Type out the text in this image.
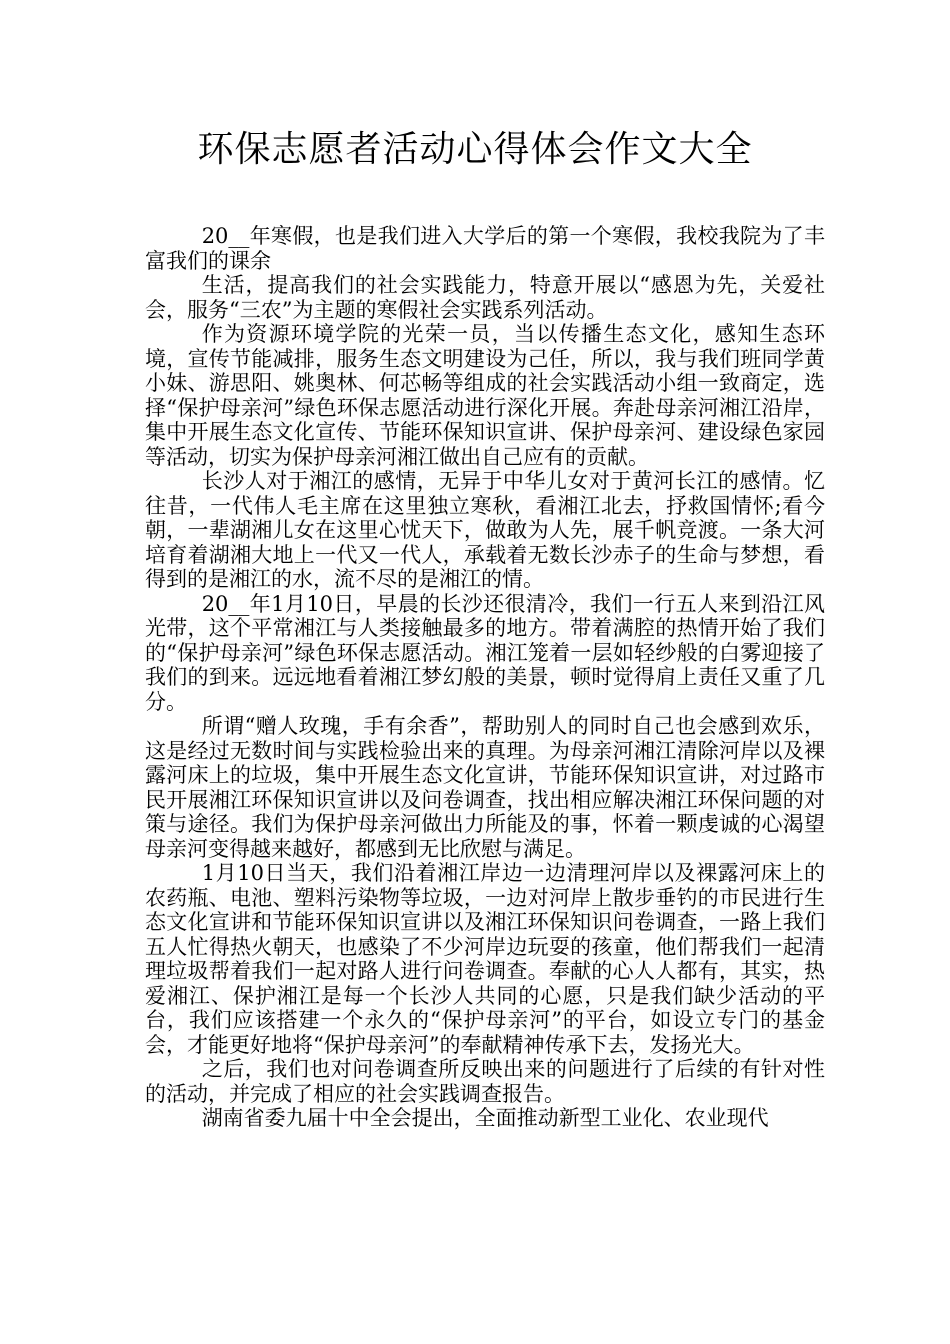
环保志愿者活动心得体会作文大全

20__年寒假，也是我们进入大学后的第一个寒假，我校我院为了丰富我们的课余

生活，提高我们的社会实践能力，特意开展以“感恩为先，关爱社会，服务“三农”为主题的寒假社会实践系列活动。

作为资源环境学院的光荣一员，当以传播生态文化，感知生态环境，宣传节能减排，服务生态文明建设为己任，所以，我与我们班同学黄小妹、游思阳、姚奥林、何芯畅等组成的社会实践活动小组一致商定，选择“保护母亲河”绿色环保志愿活动进行深化开展。奔赴母亲河湘江沿岸，集中开展生态文化宣传、节能环保知识宣讲、保护母亲河、建设绿色家园等活动，切实为保护母亲河湘江做出自己应有的贡献。

长沙人对于湘江的感情，无异于中华儿女对于黄河长江的感情。忆往昔，一代伟人毛主席在这里独立寒秋，看湘江北去，抒救国情怀;看今朝，一辈湖湘儿女在这里心忧天下，做敢为人先，展千帆竞渡。一条大河培育着湖湘大地上一代又一代人，承载着无数长沙赤子的生命与梦想，看得到的是湘江的水，流不尽的是湘江的情。

20__年1月10日，早晨的长沙还很清冷，我们一行五人来到沿江风光带，这个平常湘江与人类接触最多的地方。带着满腔的热情开始了我们的“保护母亲河”绿色环保志愿活动。湘江笼着一层如轻纱般的白雾迎接了我们的到来。远远地看着湘江梦幻般的美景，顿时觉得肩上责任又重了几分。

所谓“赠人玫瑰，手有余香”，帮助别人的同时自己也会感到欢乐，这是经过无数时间与实践检验出来的真理。为母亲河湘江清除河岸以及裸露河床上的垃圾，集中开展生态文化宣讲，节能环保知识宣讲，对过路市民开展湘江环保知识宣讲以及问卷调查，找出相应解决湘江环保问题的对策与途径。我们为保护母亲河做出力所能及的事，怀着一颗虔诚的心渴望母亲河变得越来越好，都感到无比欣慰与满足。

1月10日当天，我们沿着湘江岸边一边清理河岸以及裸露河床上的农药瓶、电池、塑料污染物等垃圾，一边对河岸上散步垂钓的市民进行生态文化宣讲和节能环保知识宣讲以及湘江环保知识问卷调查，一路上我们五人忙得热火朝天，也感染了不少河岸边玩耍的孩童，他们帮我们一起清理垃圾帮着我们一起对路人进行问卷调查。奉献的心人人都有，其实，热爱湘江、保护湘江是每一个长沙人共同的心愿，只是我们缺少活动的平台，我们应该搭建一个永久的“保护母亲河”的平台，如设立专门的基金会，才能更好地将“保护母亲河”的奉献精神传承下去，发扬光大。

之后，我们也对问卷调查所反映出来的问题进行了后续的有针对性的活动，并完成了相应的社会实践调查报告。

湖南省委九届十中全会提出，全面推动新型工业化、农业现代
